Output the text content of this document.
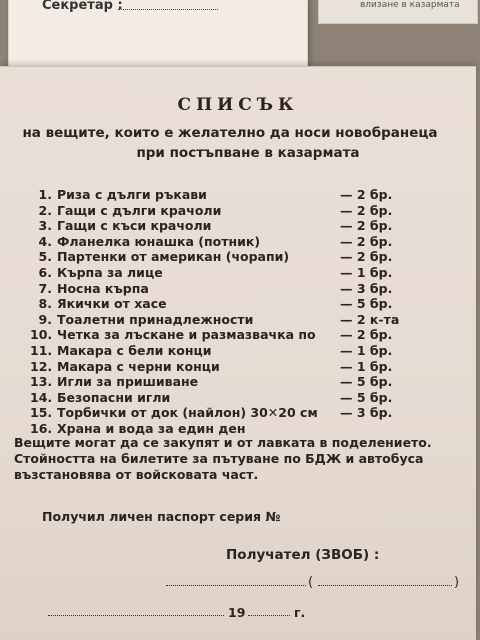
влизане в казармата
Секретар :
СПИСЪК
на вещите, които е желателно да носи новобранеца
при постъпване в казармата
1. Риза с дълги ръкави	— 2 бр.
2. Гащи с дълги крачоли	— 2 бр.
3. Гащи с къси крачоли	— 2 бр.
4. Фланелка юнашка (потник)	— 2 бр.
5. Партенки от американ (чорапи)	— 2 бр.
6. Кърпа за лице	— 1 бр.
7. Носна кърпа	— 3 бр.
8. Якички от хасе	— 5 бр.
9. Тоалетни принадлежности	— 2 к-та
10. Четка за лъскане и размазвачка по — 2 бр.
11. Макара с бели конци	— 1 бр.
12. Макара с черни конци	— 1 бр.
13. Игли за пришиване	— 5 бр.
14. Безопасни игли	— 5 бр.
15. Торбички от док (найлон) 30✕20 см — 3 бр.
16. Храна и вода за един ден
Вещите могат да се закупят и от лавката в поделението.
Стойността на билетите за пътуване по БДЖ и автобуса
възстановява от войсковата част.
Получил личен паспорт серия №
Получател (ЗВОБ) :
(	)
19	г.
